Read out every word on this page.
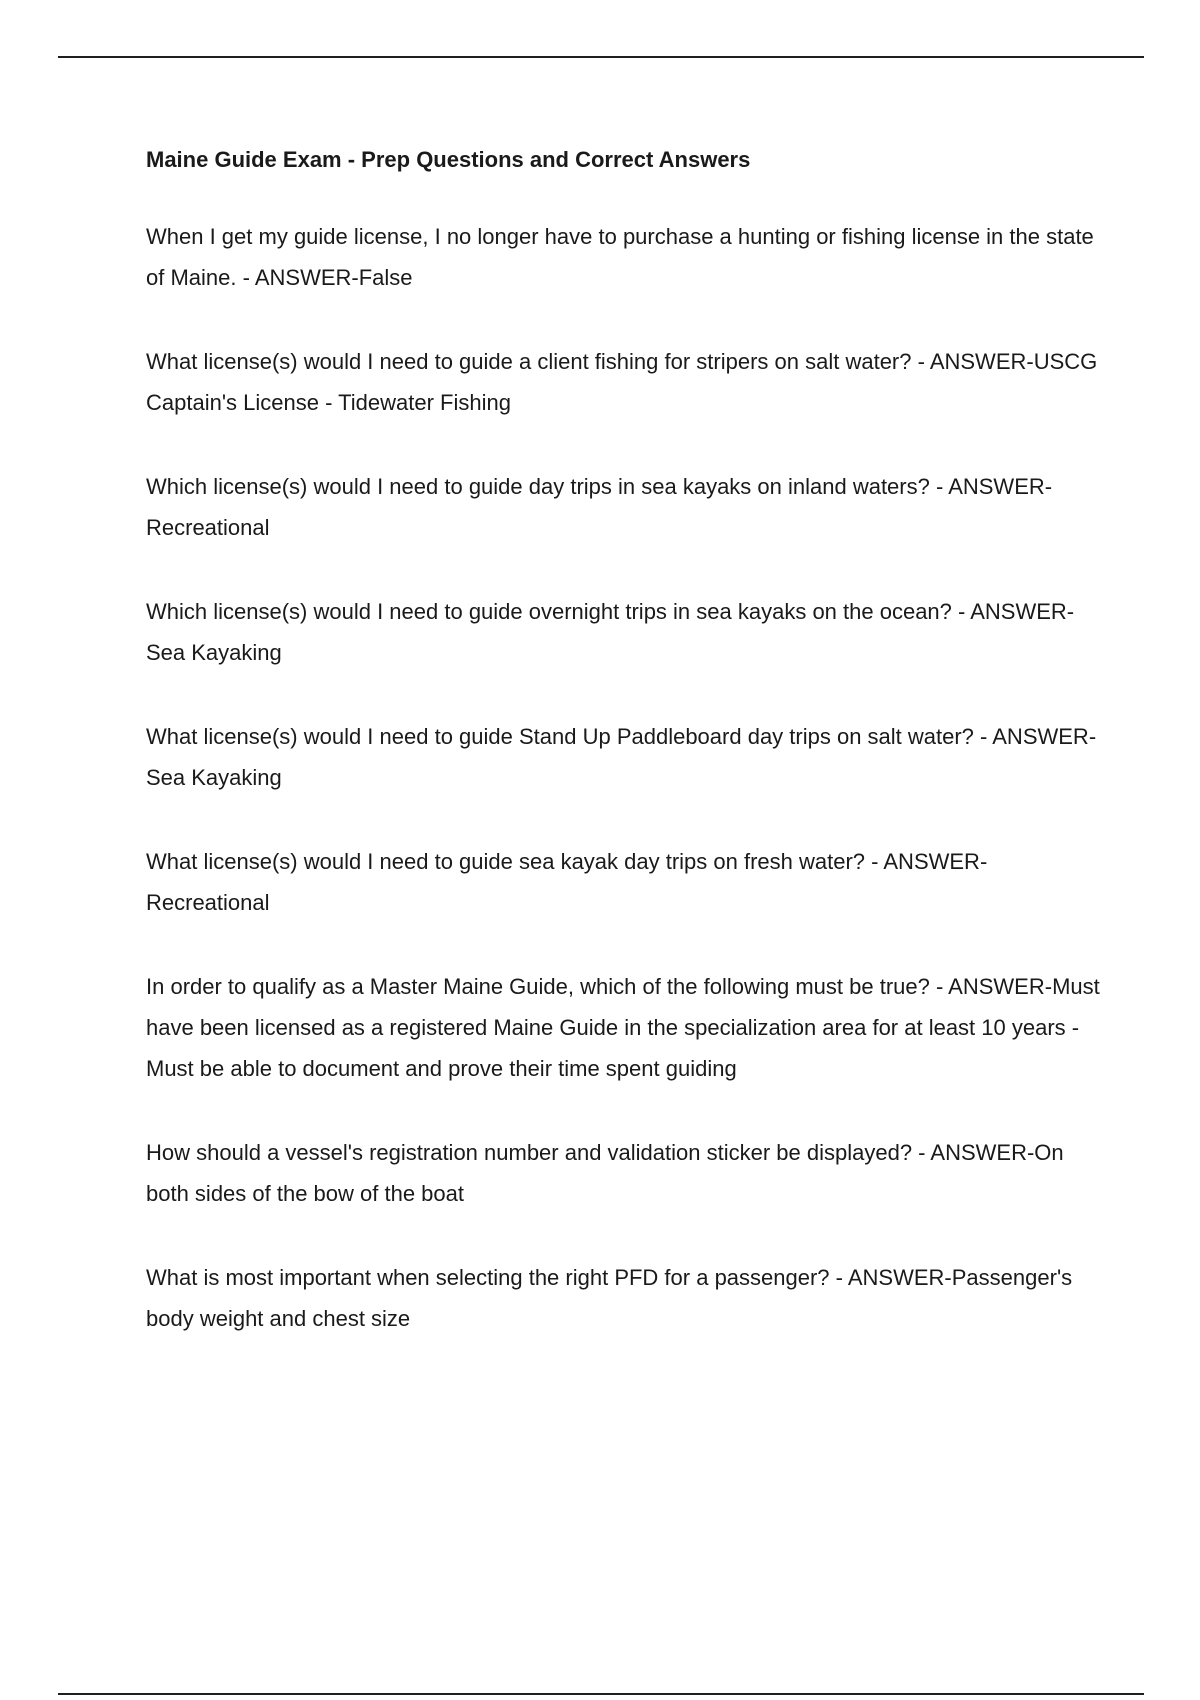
Maine Guide Exam - Prep Questions and Correct Answers

When I get my guide license, I no longer have to purchase a hunting or fishing license in the state of Maine. - ANSWER-False

What license(s) would I need to guide a client fishing for stripers on salt water? - ANSWER-USCG Captain's License - Tidewater Fishing

Which license(s) would I need to guide day trips in sea kayaks on inland waters? - ANSWER-Recreational

Which license(s) would I need to guide overnight trips in sea kayaks on the ocean? - ANSWER-Sea Kayaking

What license(s) would I need to guide Stand Up Paddleboard day trips on salt water? - ANSWER-Sea Kayaking

What license(s) would I need to guide sea kayak day trips on fresh water? - ANSWER-Recreational

In order to qualify as a Master Maine Guide, which of the following must be true? - ANSWER-Must have been licensed as a registered Maine Guide in the specialization area for at least 10 years - Must be able to document and prove their time spent guiding

How should a vessel's registration number and validation sticker be displayed? - ANSWER-On both sides of the bow of the boat

What is most important when selecting the right PFD for a passenger? - ANSWER-Passenger's body weight and chest size
